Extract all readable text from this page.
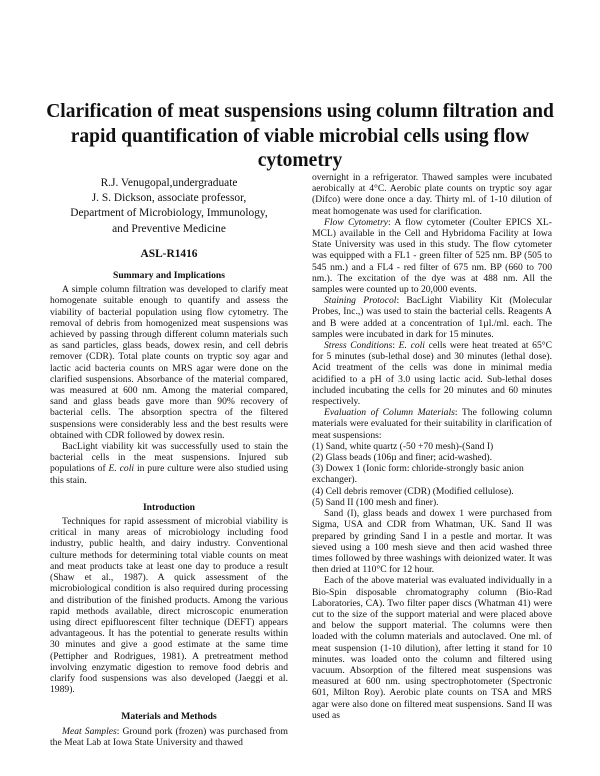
Clarification of meat suspensions using column filtration and rapid quantification of viable microbial cells using flow cytometry
R.J. Venugopal,undergraduate
J. S. Dickson, associate professor,
Department of Microbiology, Immunology,
and Preventive Medicine
ASL-R1416
Summary and Implications

A simple column filtration was developed to clarify meat homogenate suitable enough to quantify and assess the viability of bacterial population using flow cytometry. The removal of debris from homogenized meat suspensions was achieved by passing through different column materials such as sand particles, glass beads, dowex resin, and cell debris remover (CDR). Total plate counts on tryptic soy agar and lactic acid bacteria counts on MRS agar were done on the clarified suspensions. Absorbance of the material compared, was measured at 600 nm. Among the material compared, sand and glass beads gave more than 90% recovery of bacterial cells. The absorption spectra of the filtered suspensions were considerably less and the best results were obtained with CDR followed by dowex resin.

BacLight viability kit was successfully used to stain the bacterial cells in the meat suspensions. Injured sub populations of E. coli in pure culture were also studied using this stain.

Introduction

Techniques for rapid assessment of microbial viability is critical in many areas of microbiology including food industry, public health, and dairy industry. Conventional culture methods for determining total viable counts on meat and meat products take at least one day to produce a result (Shaw et al., 1987). A quick assessment of the microbiological condition is also required during processing and distribution of the finished products. Among the various rapid methods available, direct microscopic enumeration using direct epifluorescent filter technique (DEFT) appears advantageous. It has the potential to generate results within 30 minutes and give a good estimate at the same time (Pettipher and Rodrigues, 1981). A pretreatment method involving enzymatic digestion to remove food debris and clarify food suspensions was also developed (Jaeggi et al. 1989).

Materials and Methods

Meat Samples: Ground pork (frozen) was purchased from the Meat Lab at Iowa State University and thawed

overnight in a refrigerator. Thawed samples were incubated aerobically at 4°C. Aerobic plate counts on tryptic soy agar (Difco) were done once a day. Thirty ml. of 1-10 dilution of meat homogenate was used for clarification.

Flow Cytometry: A flow cytometer (Coulter EPICS XL-MCL) available in the Cell and Hybridoma Facility at Iowa State University was used in this study. The flow cytometer was equipped with a FL1 - green filter of 525 nm. BP (505 to 545 nm.) and a FL4 - red filter of 675 nm. BP (660 to 700 nm.). The excitation of the dye was at 488 nm. All the samples were counted up to 20,000 events.

Staining Protocol: BacLight Viability Kit (Molecular Probes, Inc.,) was used to stain the bacterial cells. Reagents A and B were added at a concentration of 1µl./ml. each. The samples were incubated in dark for 15 minutes.

Stress Conditions: E. coli cells were heat treated at 65°C for 5 minutes (sub-lethal dose) and 30 minutes (lethal dose). Acid treatment of the cells was done in minimal media acidified to a pH of 3.0 using lactic acid. Sub-lethal doses included incubating the cells for 20 minutes and 60 minutes respectively.

Evaluation of Column Materials: The following column materials were evaluated for their suitability in clarification of meat suspensions:

(1) Sand, white quartz (-50 +70 mesh)-(Sand I)
(2) Glass beads (106µ and finer; acid-washed).
(3) Dowex 1 (Ionic form: chloride-strongly basic anion exchanger).
(4) Cell debris remover (CDR) (Modified cellulose).
(5) Sand II (100 mesh and finer).

Sand (I), glass beads and dowex 1 were purchased from Sigma, USA and CDR from Whatman, UK. Sand II was prepared by grinding Sand I in a pestle and mortar. It was sieved using a 100 mesh sieve and then acid washed three times followed by three washings with deionized water. It was then dried at 110°C for 12 hour.

Each of the above material was evaluated individually in a Bio-Spin disposable chromatography column (Bio-Rad Laboratories, CA). Two filter paper discs (Whatman 41) were cut to the size of the support material and were placed above and below the support material. The columns were then loaded with the column materials and autoclaved. One ml. of meat suspension (1-10 dilution), after letting it stand for 10 minutes. was loaded onto the column and filtered using vacuum. Absorption of the filtered meat suspensions was measured at 600 nm. using spectrophotometer (Spectronic 601, Milton Roy). Aerobic plate counts on TSA and MRS agar were also done on filtered meat suspensions. Sand II was used as
